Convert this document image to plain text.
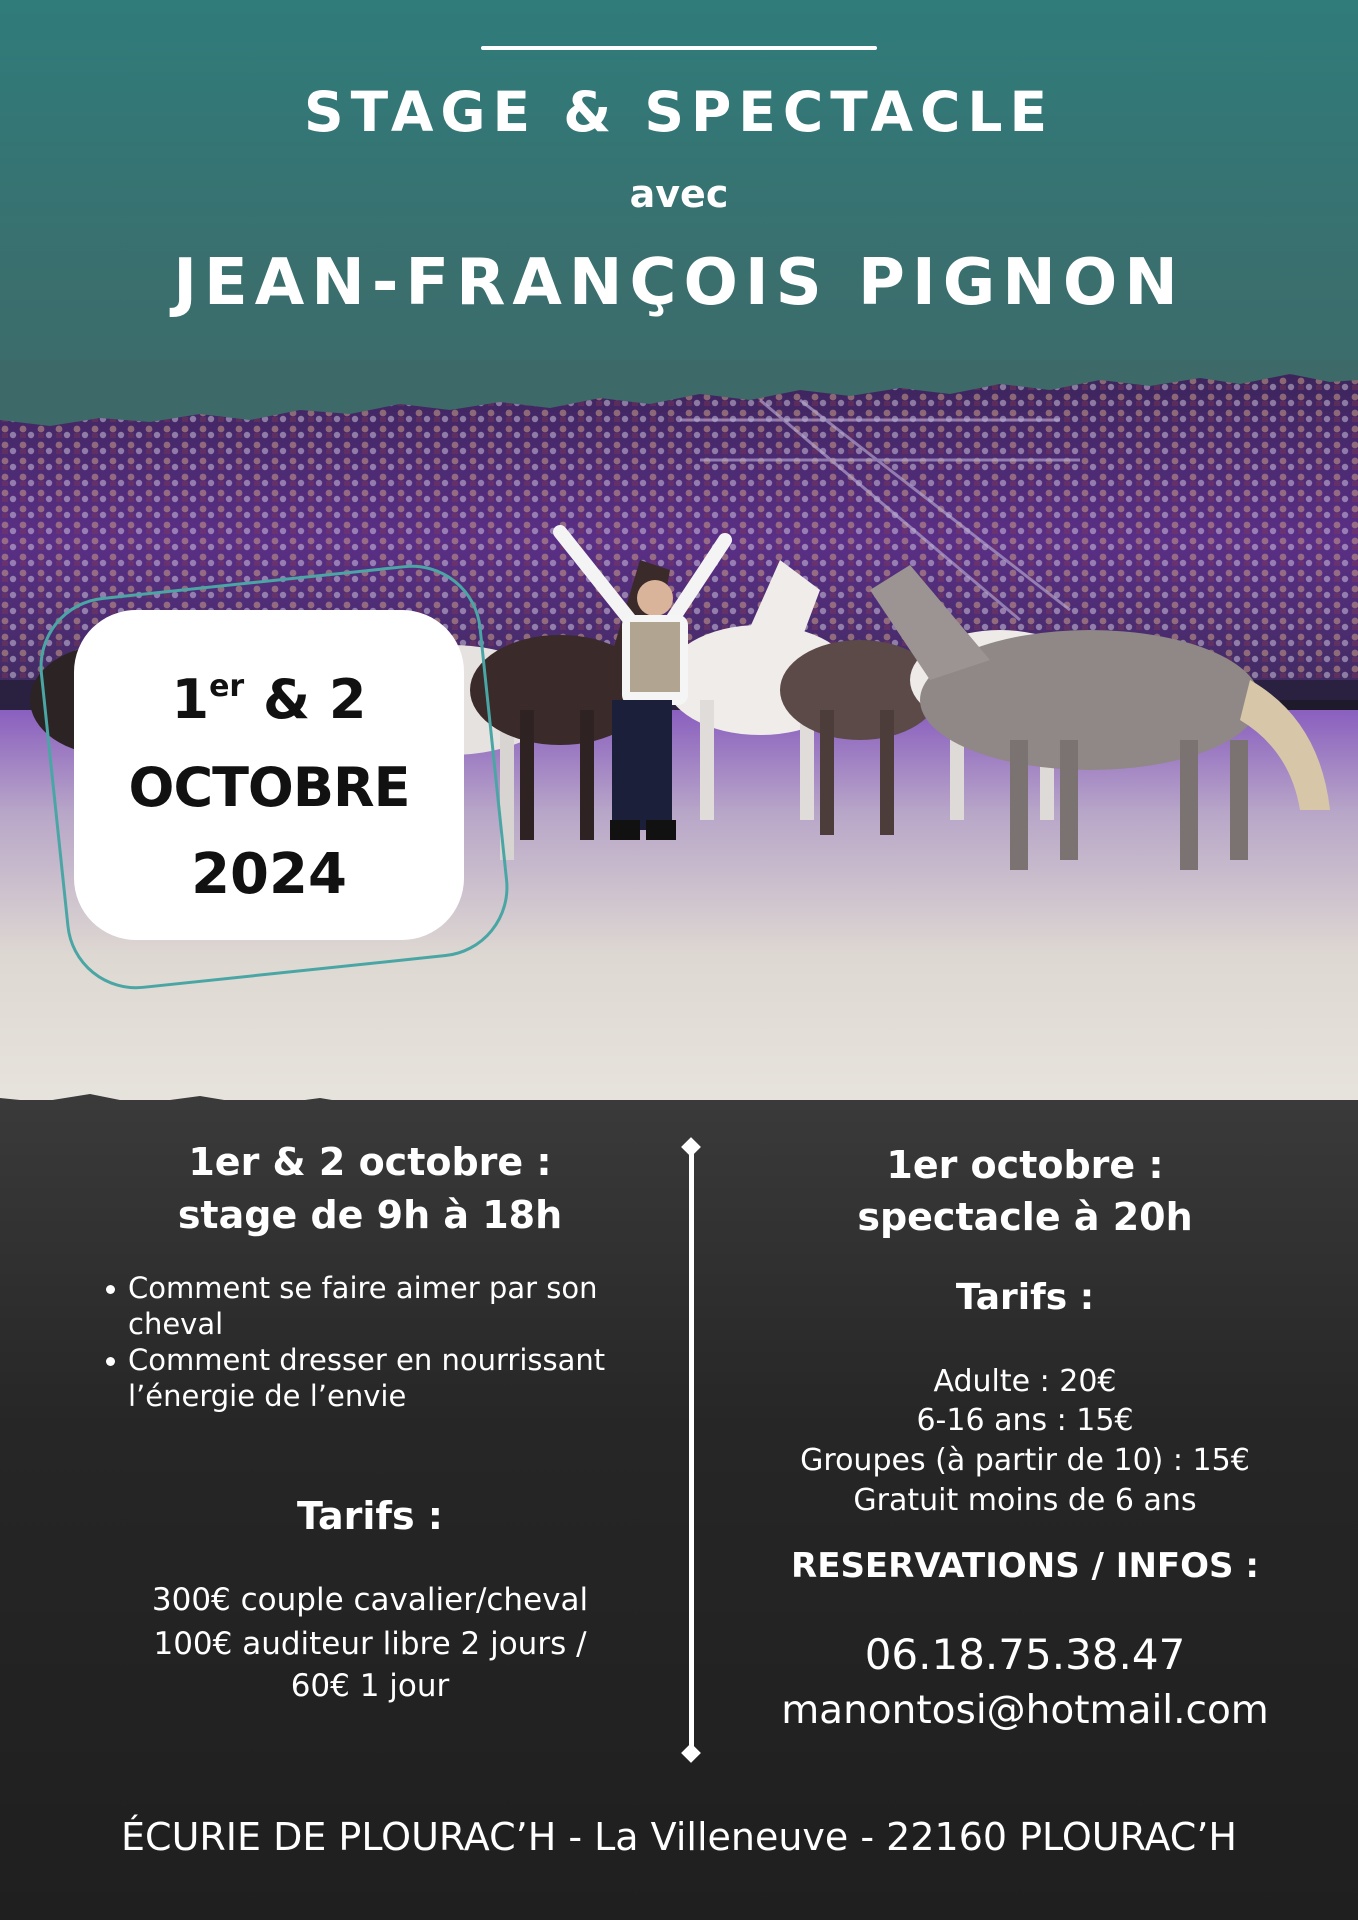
STAGE & SPECTACLE
avec
JEAN-FRANÇOIS PIGNON
1er & 2
OCTOBRE
2024
1er & 2 octobre :
stage de 9h à 18h
Comment se faire aimer par son cheval
Comment dresser en nourrissant l’énergie de l’envie
Tarifs :
300€ couple cavalier/cheval
100€ auditeur libre 2 jours /
60€ 1 jour
1er octobre :
spectacle à 20h
Tarifs :
Adulte : 20€
6-16 ans : 15€
Groupes (à partir de 10) : 15€
Gratuit moins de 6 ans
RESERVATIONS / INFOS :
06.18.75.38.47
manontosi@hotmail.com
ÉCURIE DE PLOURAC’H - La Villeneuve - 22160 PLOURAC’H
